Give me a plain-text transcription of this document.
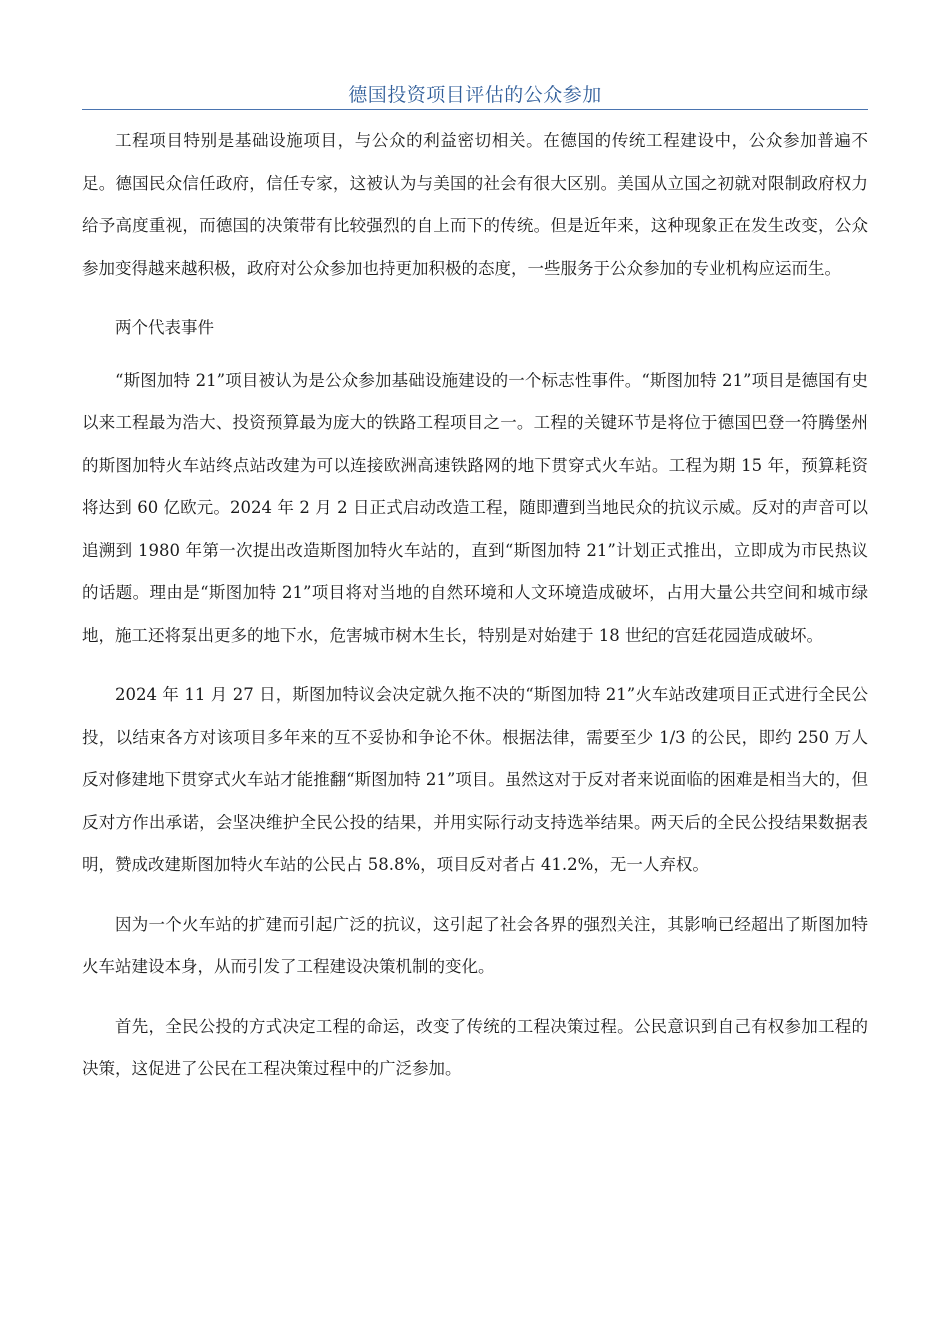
德国投资项目评估的公众参加

工程项目特别是基础设施项目，与公众的利益密切相关。在德国的传统工程建设中，公众参加普遍不足。德国民众信任政府，信任专家，这被认为与美国的社会有很大区别。美国从立国之初就对限制政府权力给予高度重视，而德国的决策带有比较强烈的自上而下的传统。但是近年来，这种现象正在发生改变，公众参加变得越来越积极，政府对公众参加也持更加积极的态度，一些服务于公众参加的专业机构应运而生。

两个代表事件

“斯图加特 21”项目被认为是公众参加基础设施建设的一个标志性事件。“斯图加特 21”项目是德国有史以来工程最为浩大、投资预算最为庞大的铁路工程项目之一。工程的关键环节是将位于德国巴登一符腾堡州的斯图加特火车站终点站改建为可以连接欧洲高速铁路网的地下贯穿式火车站。工程为期 15 年，预算耗资将达到 60 亿欧元。2024 年 2 月 2 日正式启动改造工程，随即遭到当地民众的抗议示威。反对的声音可以追溯到 1980 年第一次提出改造斯图加特火车站的，直到“斯图加特 21”计划正式推出，立即成为市民热议的话题。理由是“斯图加特 21”项目将对当地的自然环境和人文环境造成破坏，占用大量公共空间和城市绿地，施工还将泵出更多的地下水，危害城市树木生长，特别是对始建于 18 世纪的宫廷花园造成破坏。

2024 年 11 月 27 日，斯图加特议会决定就久拖不决的“斯图加特 21”火车站改建项目正式进行全民公投，以结束各方对该项目多年来的互不妥协和争论不休。根据法律，需要至少 1/3 的公民，即约 250 万人反对修建地下贯穿式火车站才能推翻“斯图加特 21”项目。虽然这对于反对者来说面临的困难是相当大的，但反对方作出承诺，会坚决维护全民公投的结果，并用实际行动支持选举结果。两天后的全民公投结果数据表明，赞成改建斯图加特火车站的公民占 58.8%，项目反对者占 41.2%，无一人弃权。

因为一个火车站的扩建而引起广泛的抗议，这引起了社会各界的强烈关注，其影响已经超出了斯图加特火车站建设本身，从而引发了工程建设决策机制的变化。

首先，全民公投的方式决定工程的命运，改变了传统的工程决策过程。公民意识到自己有权参加工程的决策，这促进了公民在工程决策过程中的广泛参加。
